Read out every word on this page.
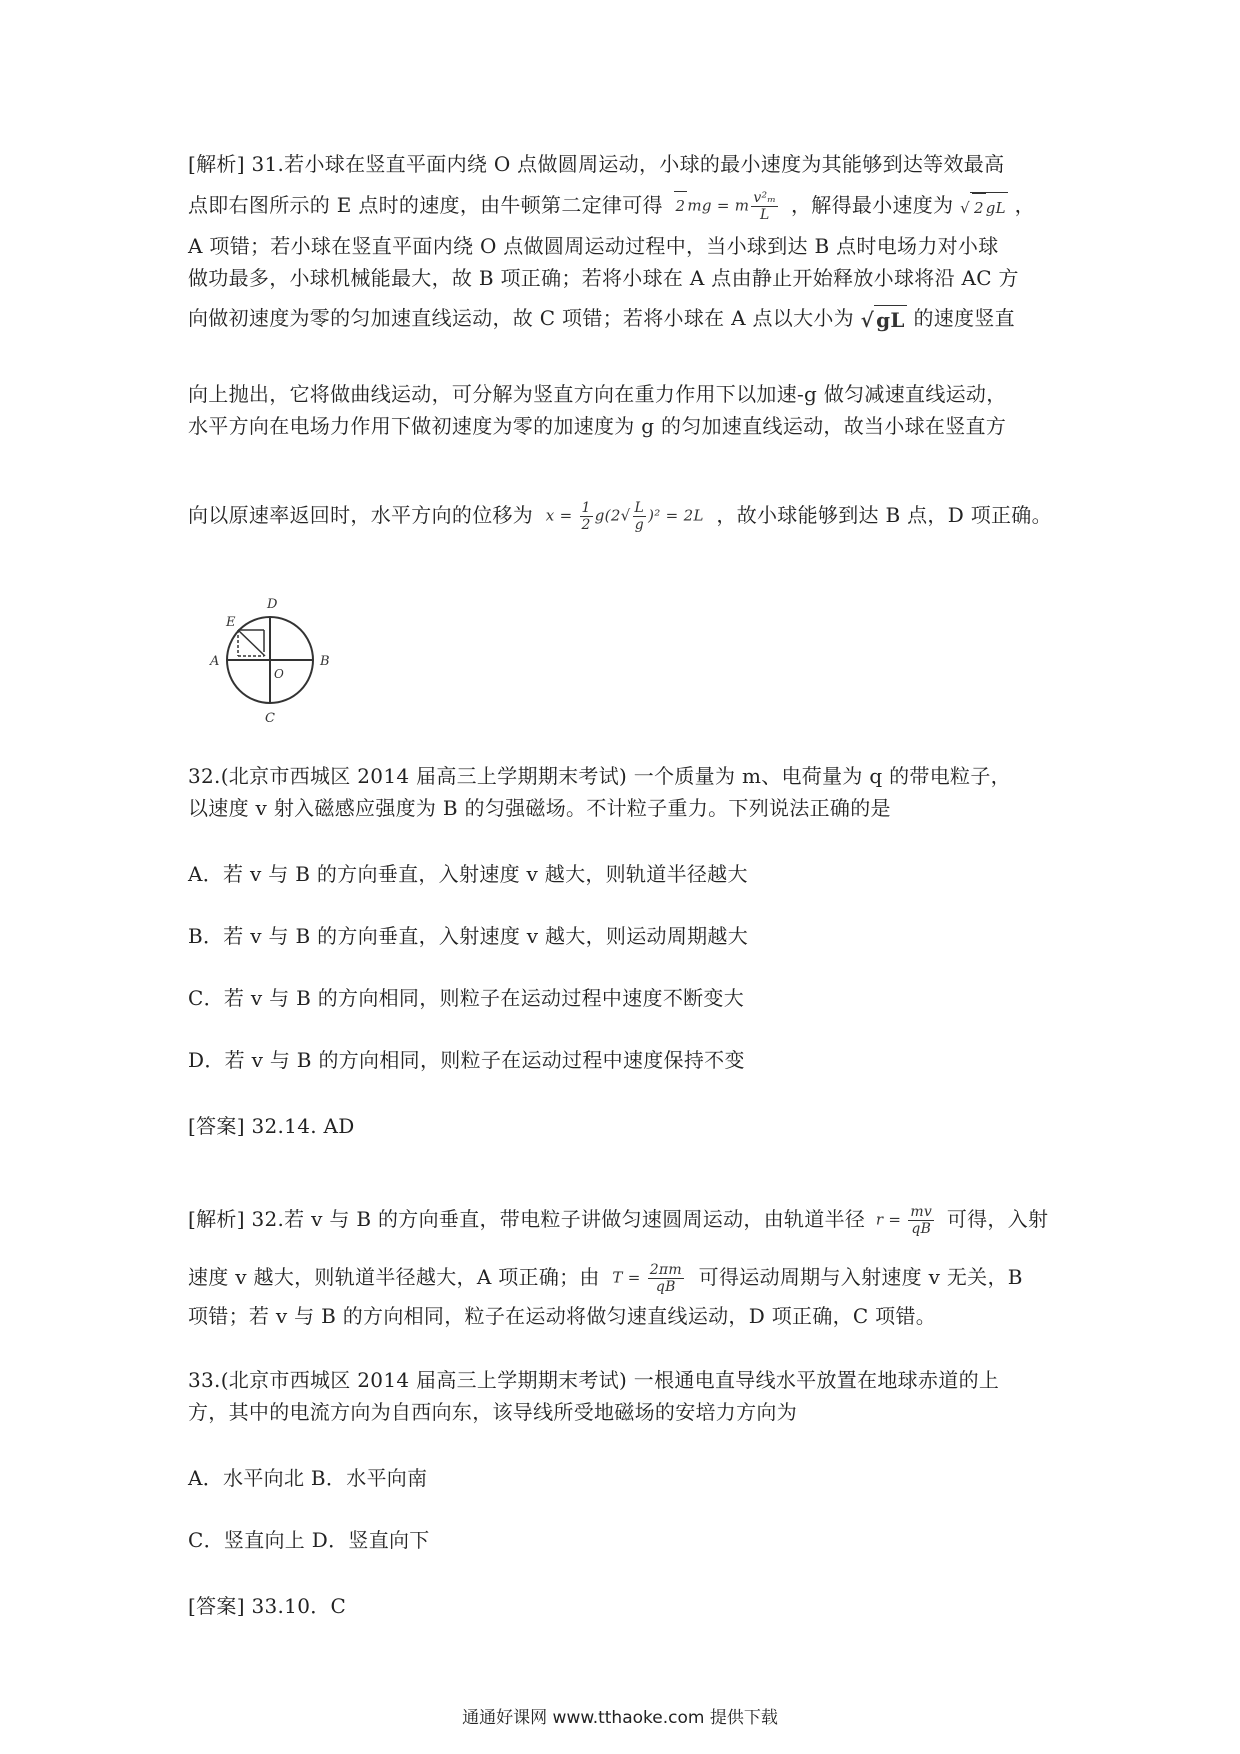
[解析] 31.若小球在竖直平面内绕 O 点做圆周运动，小球的最小速度为其能够到达等效最高
A 项错；若小球在竖直平面内绕 O 点做圆周运动过程中，当小球到达 B 点时电场力对小球
做功最多，小球机械能最大，故 B 项正确；若将小球在 A 点由静止开始释放小球将沿 AC 方
向上抛出，它将做曲线运动，可分解为竖直方向在重力作用下以加速-g 做匀减速直线运动，
水平方向在电场力作用下做初速度为零的加速度为 g 的匀加速直线运动，故当小球在竖直方
32.(北京市西城区 2014 届高三上学期期末考试) 一个质量为 m、电荷量为 q 的带电粒子，
以速度 v 射入磁感应强度为 B 的匀强磁场。不计粒子重力。下列说法正确的是
A．若 v 与 B 的方向垂直，入射速度 v 越大，则轨道半径越大
B．若 v 与 B 的方向垂直，入射速度 v 越大，则运动周期越大
C．若 v 与 B 的方向相同，则粒子在运动过程中速度不断变大
D．若 v 与 B 的方向相同，则粒子在运动过程中速度保持不变
[答案] 32.14. AD
项错；若 v 与 B 的方向相同，粒子在运动将做匀速直线运动，D 项正确，C 项错。
33.(北京市西城区 2014 届高三上学期期末考试) 一根通电直导线水平放置在地球赤道的上
方，其中的电流方向为自西向东，该导线所受地磁场的安培力方向为
A．水平向北 B．水平向南
C．竖直向上 D．竖直向下
[答案] 33.10．C
点即右图所示的 E 点时的速度，由牛顿第二定律可得 2 mg = m $\frac{\text{v²ₘ}}{L}$ ，解得最小速度为 √ 2 gL ，
向做初速度为零的匀加速直线运动，故 C 项错；若将小球在 A 点以大小为 √ gL 的速度竖直
向以原速率返回时，水平方向的位移为 $x = \frac{1}{2} g(2√ \frac{L}{g} )^2 = 2L$ ，故小球能够到达 B 点，D 项正确。
D
E
A	B
O
C
[解析] 32.若 v 与 B 的方向垂直，带电粒子讲做匀速圆周运动，由轨道半径 $r = \frac{mv}{qB}$ 可得，入射
速度 v 越大，则轨道半径越大，A 项正确；由 $T = \frac{2\pi m}{qB}$ 可得运动周期与入射速度 v 无关，B
通通好课网 www.tthaoke.com 提供下载
